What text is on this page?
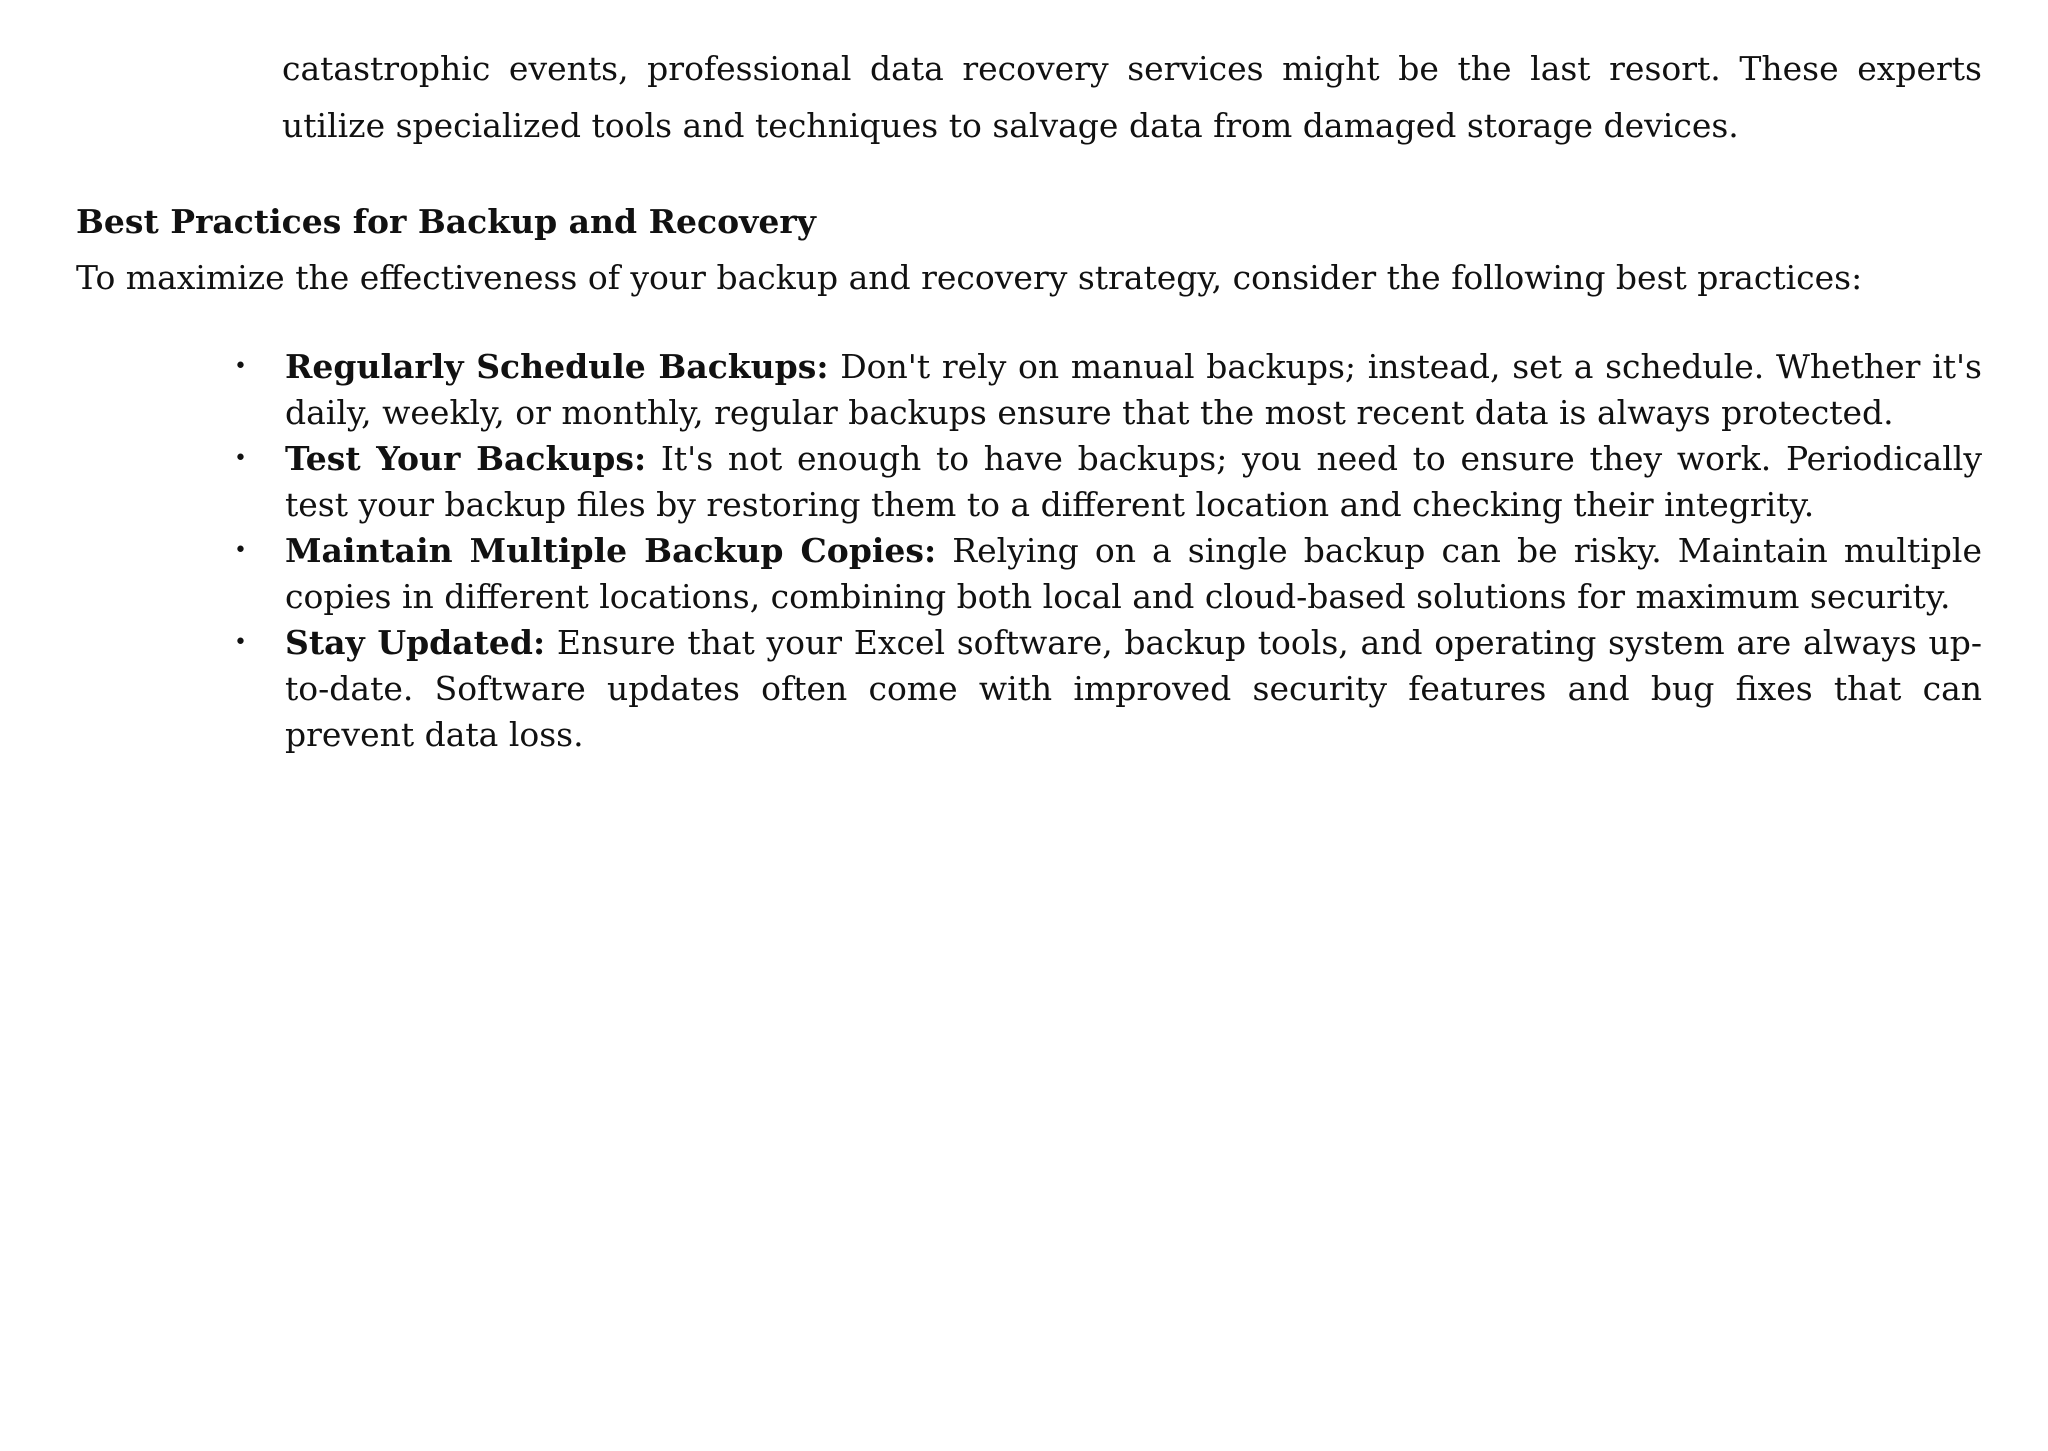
catastrophic events, professional data recovery services might be the last resort. These experts utilize specialized tools and techniques to salvage data from damaged storage devices.

Best Practices for Backup and Recovery

To maximize the effectiveness of your backup and recovery strategy, consider the following best practices:

• Regularly Schedule Backups: Don't rely on manual backups; instead, set a schedule. Whether it's daily, weekly, or monthly, regular backups ensure that the most recent data is always protected.
• Test Your Backups: It's not enough to have backups; you need to ensure they work. Periodically test your backup files by restoring them to a different location and checking their integrity.
• Maintain Multiple Backup Copies: Relying on a single backup can be risky. Maintain multiple copies in different locations, combining both local and cloud-based solutions for maximum security.
• Stay Updated: Ensure that your Excel software, backup tools, and operating system are always up-to-date. Software updates often come with improved security features and bug fixes that can prevent data loss.
